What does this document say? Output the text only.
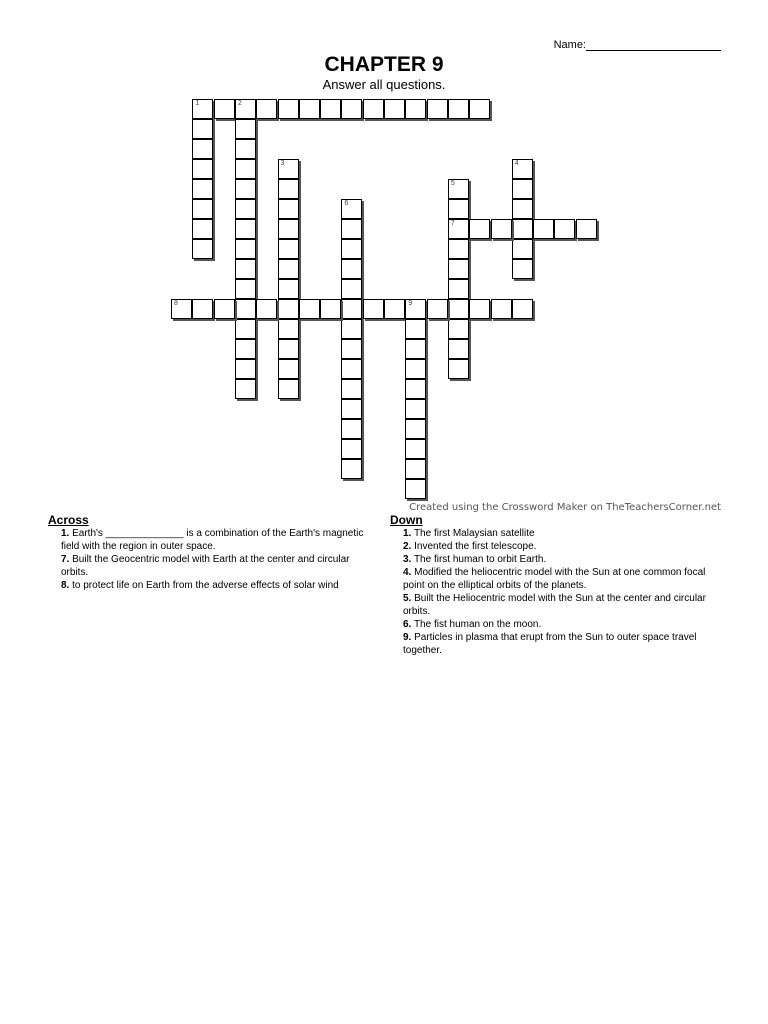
Name:
CHAPTER 9
Answer all questions.
1	2
3	4
5
7
6
8	9
Created using the Crossword Maker on TheTeachersCorner.net
Across
1. Earth's ______________ is a combination of the Earth's magnetic field with the region in outer space.
7. Built the Geocentric model with Earth at the center and circular orbits.
8. to protect life on Earth from the adverse effects of solar wind
Down
1. The first Malaysian satellite
2. Invented the first telescope.
3. The first human to orbit Earth.
4. Modified the heliocentric model with the Sun at one common focal point on the elliptical orbits of the planets.
5. Built the Heliocentric model with the Sun at the center and circular orbits.
6. The fist human on the moon.
9. Particles in plasma that erupt from the Sun to outer space travel together.
